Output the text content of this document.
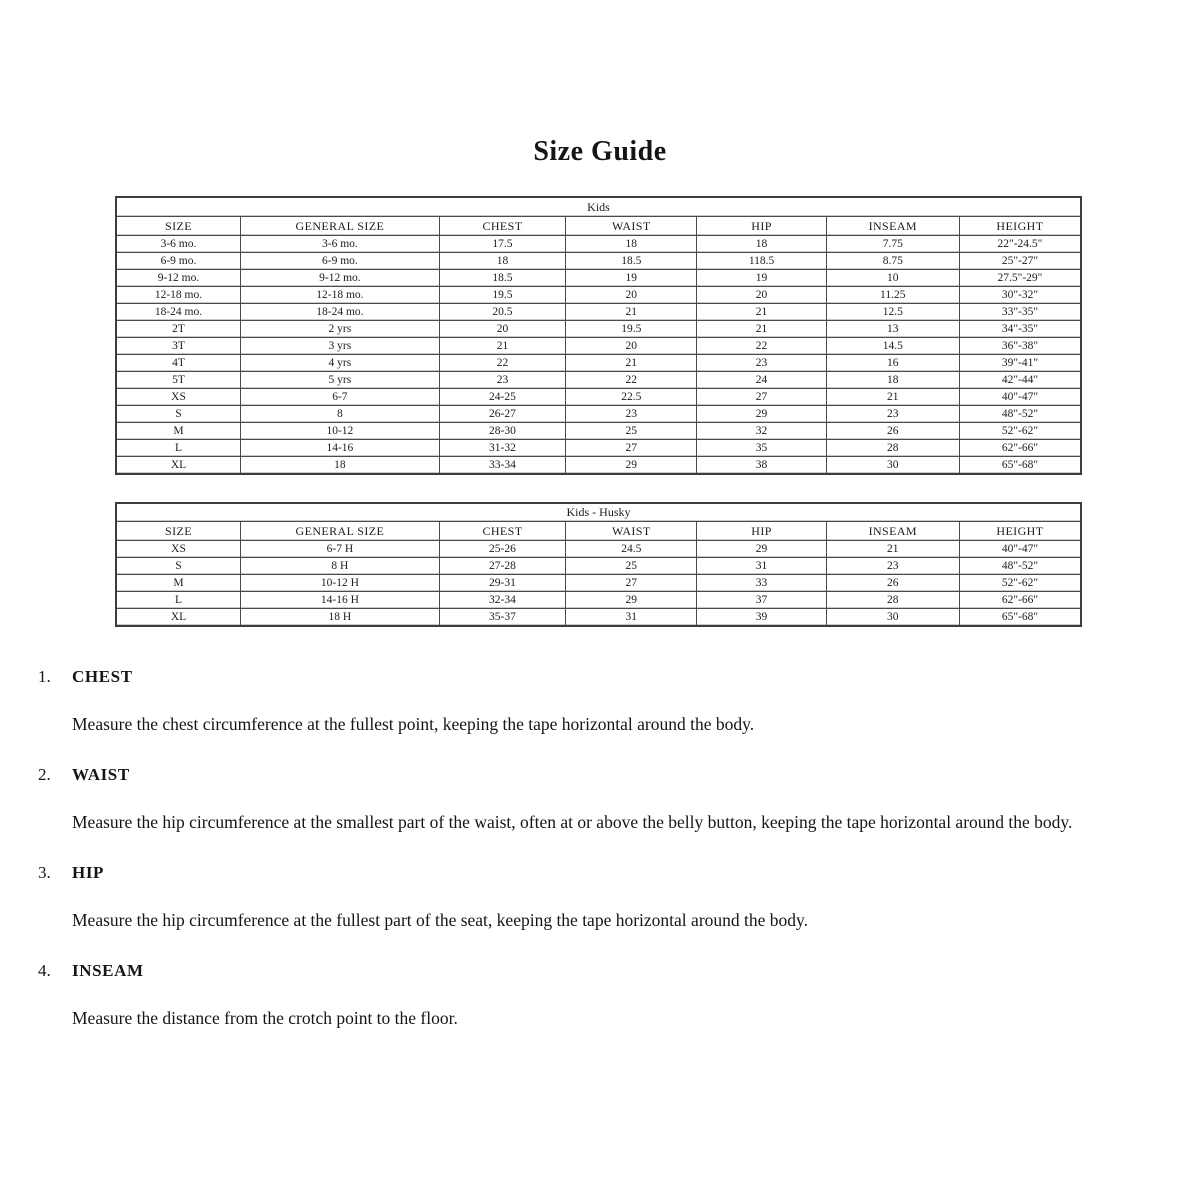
Size Guide
Kids						
SIZE	GENERAL SIZE	CHEST	WAIST	HIP	INSEAM	HEIGHT
3-6 mo.	3-6 mo.	17.5	18	18	7.75	22"-24.5"
6-9 mo.	6-9 mo.	18	18.5	118.5	8.75	25"-27"
9-12 mo.	9-12 mo.	18.5	19	19	10	27.5"-29"
12-18 mo.	12-18 mo.	19.5	20	20	11.25	30"-32"
18-24 mo.	18-24 mo.	20.5	21	21	12.5	33"-35"
2T	2 yrs	20	19.5	21	13	34"-35"
3T	3 yrs	21	20	22	14.5	36"-38"
4T	4 yrs	22	21	23	16	39"-41"
5T	5 yrs	23	22	24	18	42"-44"
XS	6-7	24-25	22.5	27	21	40"-47"
S	8	26-27	23	29	23	48"-52"
M	10-12	28-30	25	32	26	52"-62"
L	14-16	31-32	27	35	28	62"-66"
XL	18	33-34	29	38	30	65"-68"
Kids - Husky						
SIZE	GENERAL SIZE	CHEST	WAIST	HIP	INSEAM	HEIGHT
XS	6-7 H	25-26	24.5	29	21	40"-47"
S	8 H	27-28	25	31	23	48"-52"
M	10-12 H	29-31	27	33	26	52"-62"
L	14-16 H	32-34	29	37	28	62"-66"
XL	18 H	35-37	31	39	30	65"-68"
1.	CHEST

Measure the chest circumference at the fullest point, keeping the tape horizontal around the body.

2.	WAIST

Measure the hip circumference at the smallest part of the waist, often at or above the belly button, keeping the tape horizontal around the body.

3.	HIP

Measure the hip circumference at the fullest part of the seat, keeping the tape horizontal around the body.

4.	INSEAM

Measure the distance from the crotch point to the floor.
